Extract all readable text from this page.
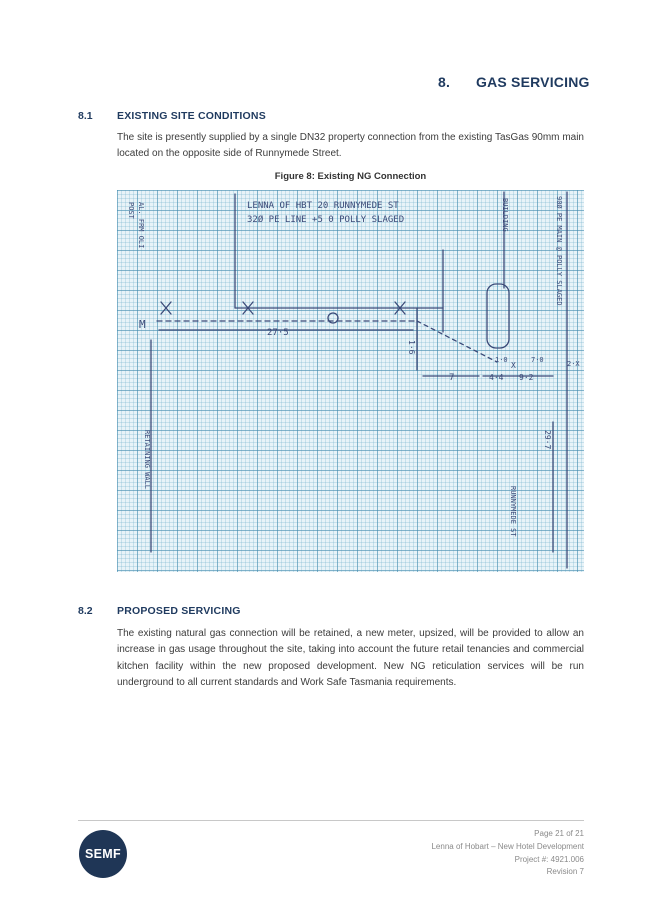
8. GAS SERVICING
8.1 EXISTING SITE CONDITIONS
The site is presently supplied by a single DN32 property connection from the existing TasGas 90mm main located on the opposite side of Runnymede Street.
Figure 8: Existing NG Connection
LENNA OF HBT 20 RUNNYMEDE ST
32Ø PE LINE +5 0 POLLY SLAGED
AL. FRM OLI
POST	BUILDING	90Ø PE MAIN @ POLLY SLAGED
RETAINING WALL
RUNNYMEDE ST
27·5
1·6
7	4·4 9·2
29·7
7·0	2·X
1·0
M
X
8.2 PROPOSED SERVICING
The existing natural gas connection will be retained, a new meter, upsized, will be provided to allow an increase in gas usage throughout the site, taking into account the future retail tenancies and commercial kitchen facility within the new proposed development. New NG reticulation services will be run underground to all current standards and Work Safe Tasmania requirements.
SEMF
Page 21 of 21
Lenna of Hobart – New Hotel Development
Project #: 4921.006
Revision 7
